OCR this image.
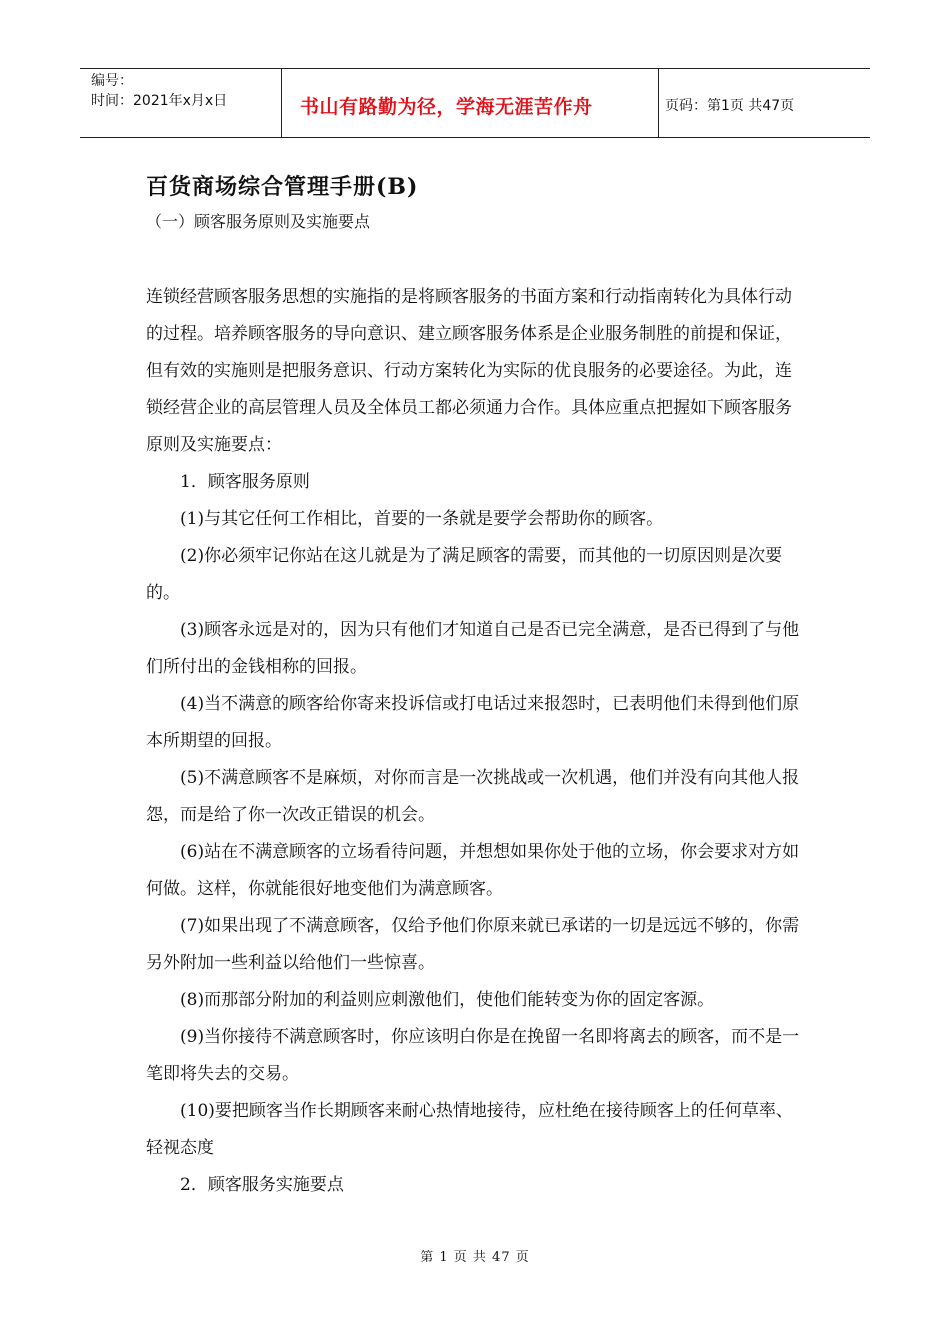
编号：
时间：2021年x月x日	书山有路勤为径，学海无涯苦作舟	页码：第1页 共47页
百货商场综合管理手册(B)
（一）顾客服务原则及实施要点

连锁经营顾客服务思想的实施指的是将顾客服务的书面方案和行动指南转化为具体行动的过程。培养顾客服务的导向意识、建立顾客服务体系是企业服务制胜的前提和保证，但有效的实施则是把服务意识、行动方案转化为实际的优良服务的必要途径。为此，连锁经营企业的高层管理人员及全体员工都必须通力合作。具体应重点把握如下顾客服务原则及实施要点：

1．顾客服务原则

(1)与其它任何工作相比，首要的一条就是要学会帮助你的顾客。

(2)你必须牢记你站在这儿就是为了满足顾客的需要，而其他的一切原因则是次要的。

(3)顾客永远是对的，因为只有他们才知道自己是否已完全满意，是否已得到了与他们所付出的金钱相称的回报。

(4)当不满意的顾客给你寄来投诉信或打电话过来报怨时，已表明他们未得到他们原本所期望的回报。

(5)不满意顾客不是麻烦，对你而言是一次挑战或一次机遇，他们并没有向其他人报怨，而是给了你一次改正错误的机会。

(6)站在不满意顾客的立场看待问题，并想想如果你处于他的立场，你会要求对方如何做。这样，你就能很好地变他们为满意顾客。

(7)如果出现了不满意顾客，仅给予他们你原来就已承诺的一切是远远不够的，你需另外附加一些利益以给他们一些惊喜。

(8)而那部分附加的利益则应刺激他们，使他们能转变为你的固定客源。

(9)当你接待不满意顾客时，你应该明白你是在挽留一名即将离去的顾客，而不是一笔即将失去的交易。

(10)要把顾客当作长期顾客来耐心热情地接待，应杜绝在接待顾客上的任何草率、轻视态度

2．顾客服务实施要点

第 1 页 共 47 页
